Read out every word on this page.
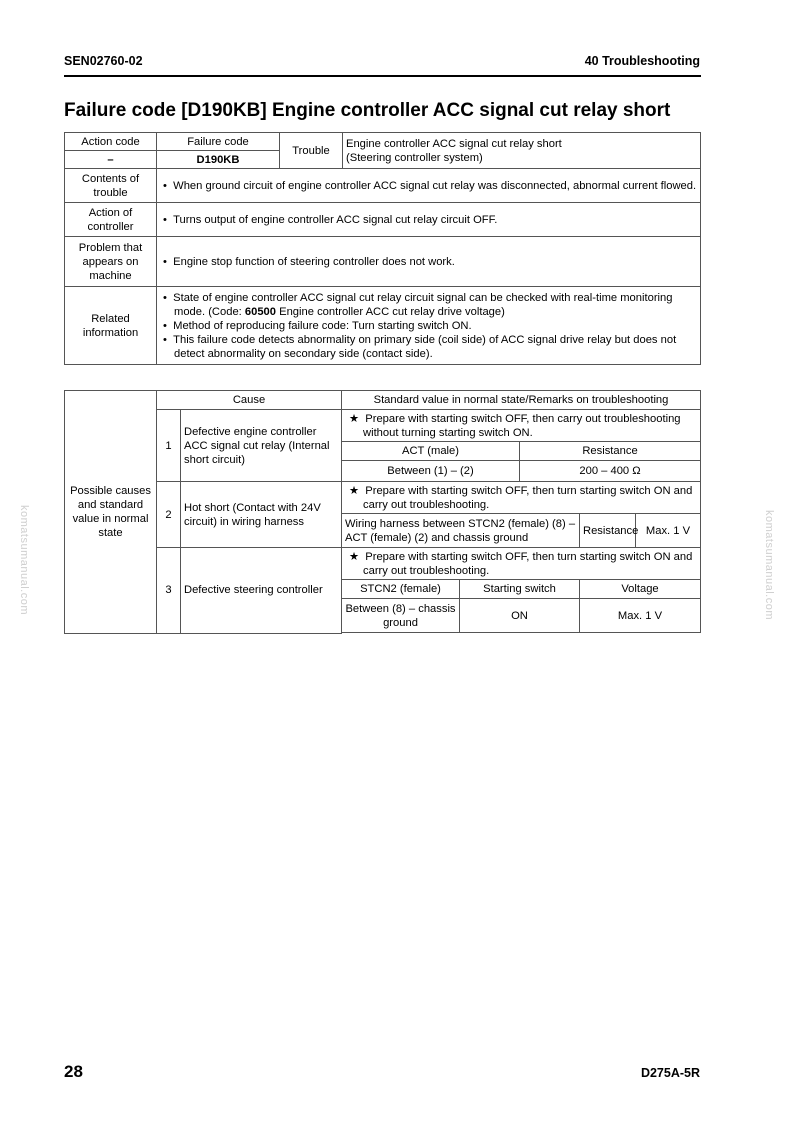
SEN02760-02	40 Troubleshooting
Failure code [D190KB] Engine controller ACC signal cut relay short
Action code	Failure code	Trouble	Engine controller ACC signal cut relay short
(Steering controller system)

–	D190KB		
Contents of trouble	•  When ground circuit of engine controller ACC signal cut relay was disconnected, abnormal current flowed.		

Action of controller	•  Turns output of engine controller ACC signal cut relay circuit OFF.		

Problem that appears on machine	•  Engine stop function of steering controller does not work.		

Related information	•  State of engine controller ACC signal cut relay circuit signal can be checked with real-time monitoring mode. (Code: 60500 Engine controller ACC cut relay drive voltage)

•  Method of reproducing failure code: Turn starting switch ON.

•  This failure code detects abnormality on primary side (coil side) of ACC signal drive relay but does not detect abnormality on secondary side (contact side).		

Possible causes and standard value in normal state	Cause		Standard value in normal state/Remarks on troubleshooting				
	1	Defective engine controller ACC signal cut relay (Internal short circuit)	★  Prepare with starting switch OFF, then carry out troubleshooting without turning starting switch ON.				

			ACT (male)		Resistance		
			Between (1) – (2)		200 – 400 Ω		
	2	Hot short (Contact with 24V circuit) in wiring harness	★  Prepare with starting switch OFF, then turn starting switch ON and carry out troubleshooting.				

			Wiring harness between STCN2 (female) (8) – ACT (female) (2) and chassis ground			Resistance	Max. 1 V
	3	Defective steering controller	★  Prepare with starting switch OFF, then turn starting switch ON and carry out troubleshooting.				

			STCN2 (female)	Starting switch		Voltage	
			Between (8) – chassis ground	ON		Max. 1 V	

komatsumanual.com	komatsumanual.com
28	D275A-5R
